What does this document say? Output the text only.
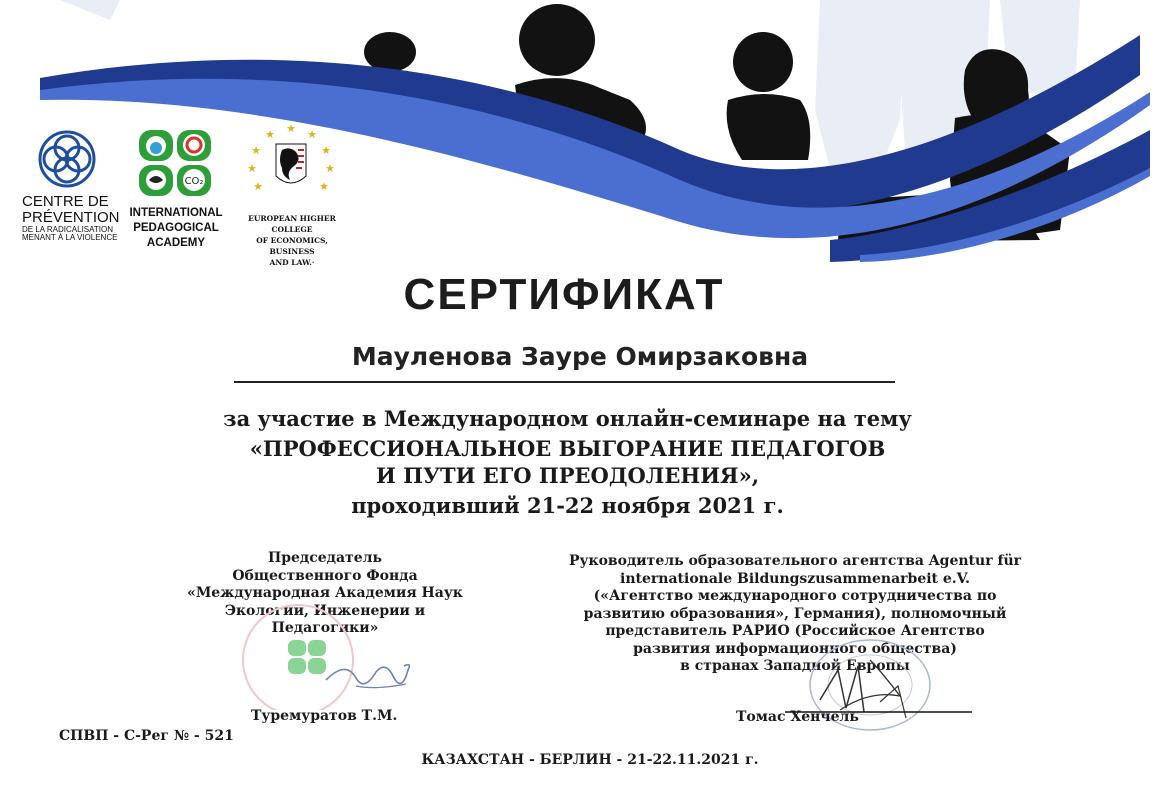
CENTRE DE
PRÉVENTION
DE LA RADICALISATION
MENANT À LA VIOLENCE
CO₂
INTERNATIONAL
PEDAGOGICAL
ACADEMY
★ ★
★
★
★
★
★
★
★
EUROPEAN HIGHER
COLLEGE
OF ECONOMICS, BUSINESS
AND LAW.·
СЕРТИФИКАТ
Мауленова Зауре Омирзаковна
за участие в Международном онлайн-семинаре на тему
«ПРОФЕССИОНАЛЬНОЕ ВЫГОРАНИЕ ПЕДАГОГОВ
И ПУТИ ЕГО ПРЕОДОЛЕНИЯ»,
проходивший 21-22 ноября 2021 г.
Председатель
Общественного Фонда
«Международная Академия Наук
Экологии, Инженерии и
Педагогики»
Туремуратов Т.М.
Руководитель образовательного агентства Agentur für
internationale Bildungszusammenarbeit e.V.
(«Агентство международного сотрудничества по
развитию образования», Германия), полномочный
представитель РАРИО (Российское Агентство
развития информационного общества)
в странах Западной Европы
Томас Хенчель
СПВП - С-Рег № - 521
КАЗАХСТАН - БЕРЛИН - 21-22.11.2021 г.
